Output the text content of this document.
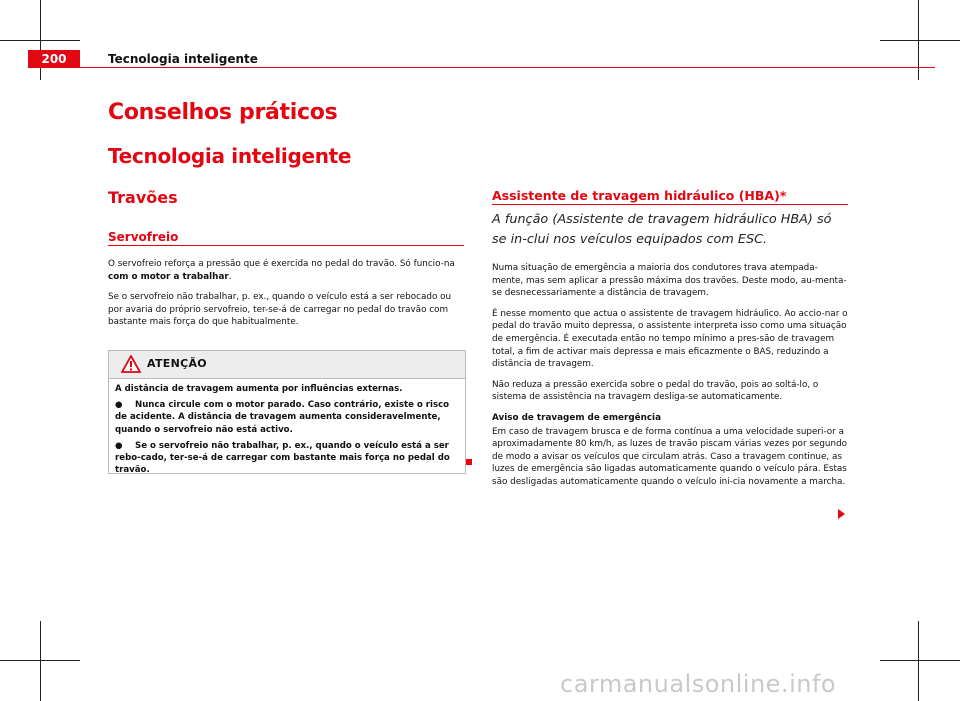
200	Tecnologia inteligente
Conselhos práticos
Tecnologia inteligente
Travões
Servofreio

O servofreio reforça a pressão que é exercida no pedal do travão. Só funcio-na com o motor a trabalhar.

Se o servofreio não trabalhar, p. ex., quando o veículo está a ser rebocado ou por avaria do próprio servofreio, ter-se-á de carregar no pedal do travão com bastante mais força do que habitualmente.

ATENÇÃO

A distância de travagem aumenta por influências externas.

● Nunca circule com o motor parado. Caso contrário, existe o risco de acidente. A distância de travagem aumenta consideravelmente, quando o servofreio não está activo.

● Se o servofreio não trabalhar, p. ex., quando o veículo está a ser rebo-cado, ter-se-á de carregar com bastante mais força no pedal do travão.

Assistente de travagem hidráulico (HBA)*

A função (Assistente de travagem hidráulico HBA) só se in-clui nos veículos equipados com ESC.

Numa situação de emergência a maioria dos condutores trava atempada-mente, mas sem aplicar a pressão máxima dos travões. Deste modo, au-menta-se desnecessariamente a distância de travagem.

É nesse momento que actua o assistente de travagem hidráulico. Ao accio-nar o pedal do travão muito depressa, o assistente interpreta isso como uma situação de emergência. É executada então no tempo mínimo a pres-são de travagem total, a fim de activar mais depressa e mais eficazmente o BAS, reduzindo a distância de travagem.

Não reduza a pressão exercida sobre o pedal do travão, pois ao soltá-lo, o sistema de assistência na travagem desliga-se automaticamente.

Aviso de travagem de emergência

Em caso de travagem brusca e de forma contínua a uma velocidade superi-or a aproximadamente 80 km/h, as luzes de travão piscam várias vezes por segundo de modo a avisar os veículos que circulam atrás. Caso a travagem continue, as luzes de emergência são ligadas automaticamente quando o veículo pára. Estas são desligadas automaticamente quando o veículo ini-cia novamente a marcha.

carmanualsonline.info
